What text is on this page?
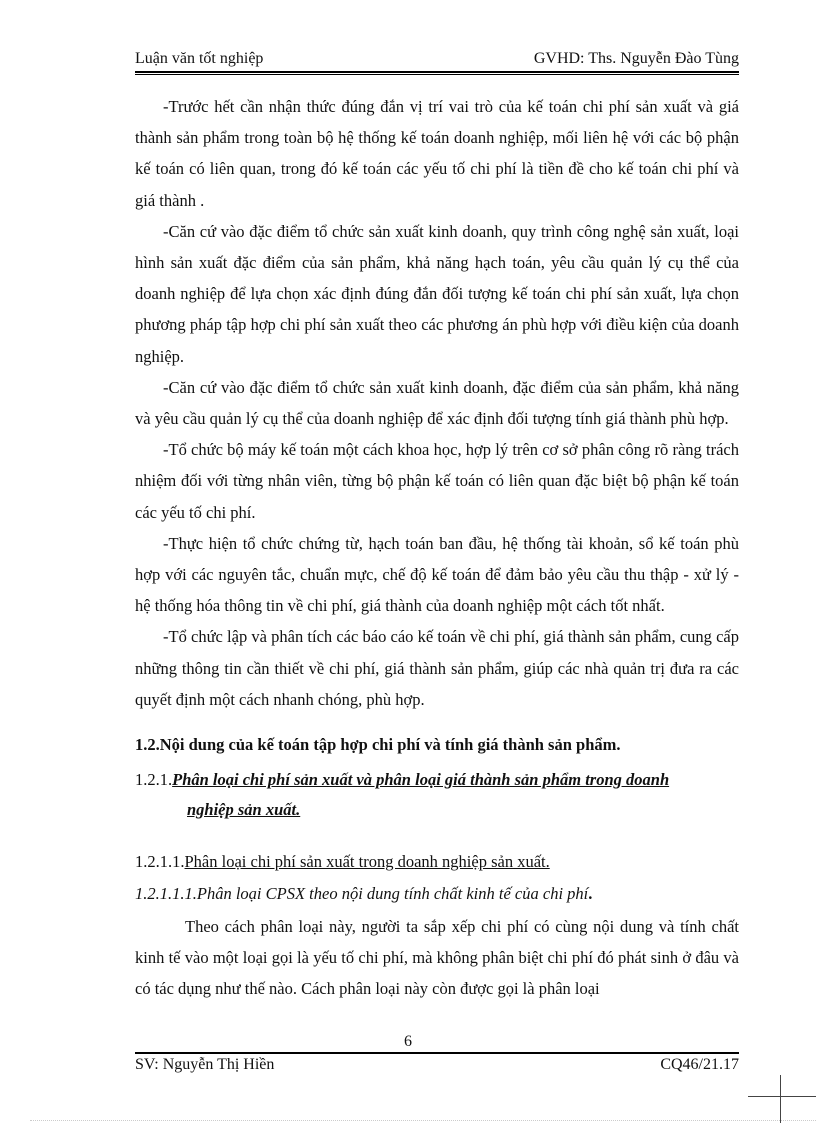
Luận văn tốt nghiệp	GVHD: Ths. Nguyễn Đào Tùng

-Trước hết cần nhận thức đúng đắn vị trí vai trò của kế toán chi phí sản xuất và giá thành sản phẩm trong toàn bộ hệ thống kế toán doanh nghiệp, mối liên hệ với các bộ phận kế toán có liên quan, trong đó kế toán các yếu tố chi phí là tiền đề cho kế toán chi phí và giá thành .

-Căn cứ vào đặc điểm tổ chức sản xuất kinh doanh, quy trình công nghệ sản xuất, loại hình sản xuất đặc điểm của sản phẩm, khả năng hạch toán, yêu cầu quản lý cụ thể của doanh nghiệp để lựa chọn xác định đúng đắn đối tượng kế toán chi phí sản xuất, lựa chọn phương pháp tập hợp chi phí sản xuất theo các phương án phù hợp với điều kiện của doanh nghiệp.

-Căn cứ vào đặc điểm tổ chức sản xuất kinh doanh, đặc điểm của sản phẩm, khả năng và yêu cầu quản lý cụ thể của doanh nghiệp để xác định đối tượng tính giá thành phù hợp.

-Tổ chức bộ máy kế toán một cách khoa học, hợp lý trên cơ sở phân công rõ ràng trách nhiệm đối với từng nhân viên, từng bộ phận kế toán có liên quan đặc biệt bộ phận kế toán các yếu tố chi phí.

-Thực hiện tổ chức chứng từ, hạch toán ban đầu, hệ thống tài khoản, sổ kế toán phù hợp với các nguyên tắc, chuẩn mực, chế độ kế toán để đảm bảo yêu cầu thu thập - xử lý - hệ thống hóa thông tin về chi phí, giá thành của doanh nghiệp một cách tốt nhất.

-Tổ chức lập và phân tích các báo cáo kế toán về chi phí, giá thành sản phẩm, cung cấp những thông tin cần thiết về chi phí, giá thành sản phẩm, giúp các nhà quản trị đưa ra các quyết định một cách nhanh chóng, phù hợp.

1.2.Nội dung của kế toán tập hợp chi phí và tính giá thành sản phẩm.

1.2.1. Phân loại chi phí sản xuất và phân loại giá thành sản phẩm trong doanh

nghiệp sản xuất.

1.2.1.1.Phân loại chi phí sản xuất trong doanh nghiệp sản xuất.

1.2.1.1.1.Phân loại CPSX theo nội dung tính chất kinh tế của chi phí.

Theo cách phân loại này, người ta sắp xếp chi phí có cùng nội dung và tính chất kinh tế vào một loại gọi là yếu tố chi phí, mà không phân biệt chi phí đó phát sinh ở đâu và có tác dụng như thế nào. Cách phân loại này còn được gọi là phân loại

6
SV: Nguyễn Thị Hiền	CQ46/21.17
